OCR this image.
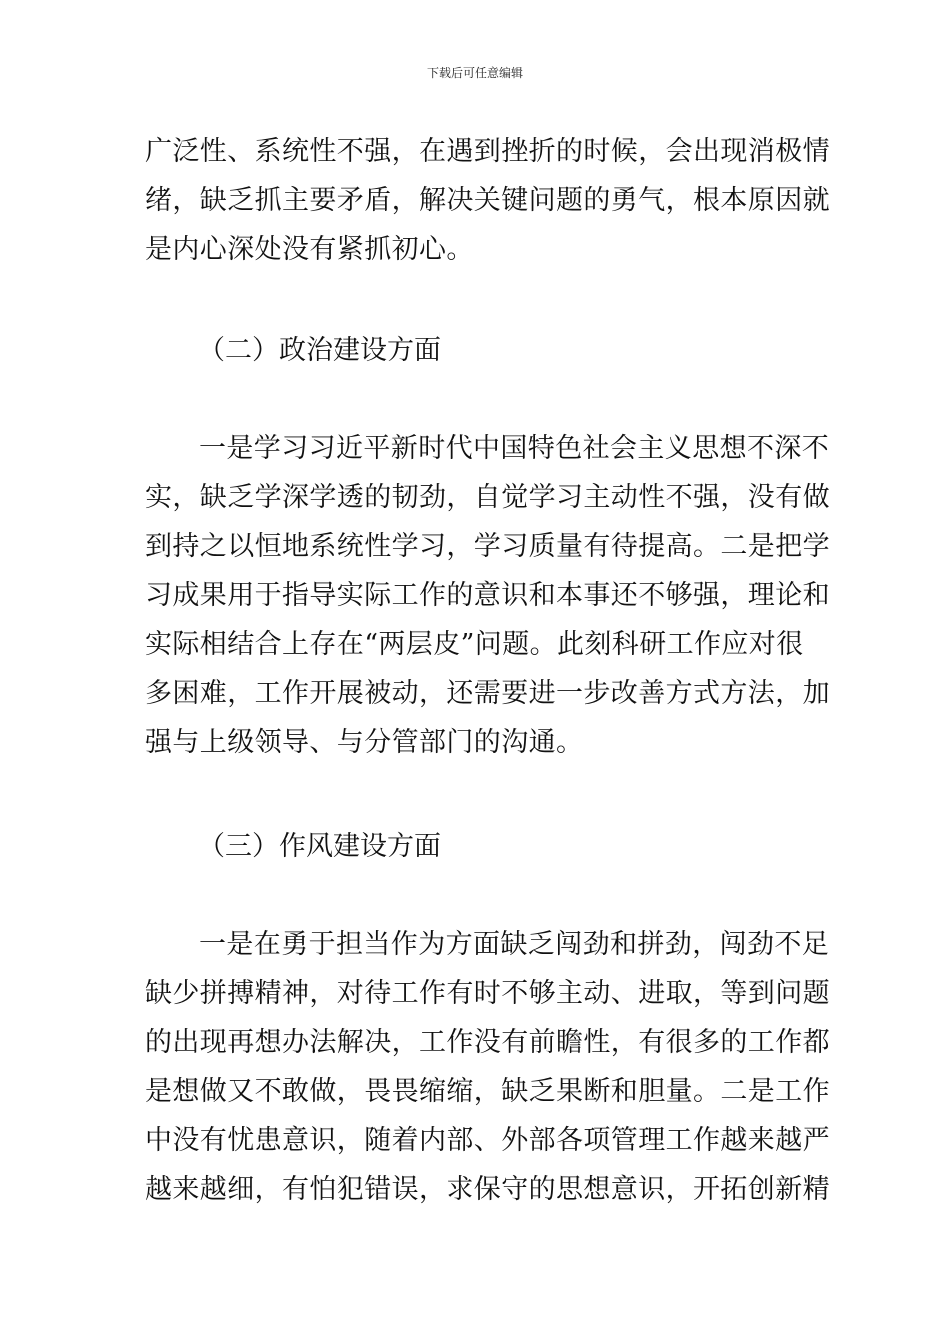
下载后可任意编辑
广泛性、系统性不强，在遇到挫折的时候，会出现消极情
绪，缺乏抓主要矛盾，解决关键问题的勇气，根本原因就
是内心深处没有紧抓初心。
（二）政治建设方面
一是学习习近平新时代中国特色社会主义思想不深不
实，缺乏学深学透的韧劲，自觉学习主动性不强，没有做
到持之以恒地系统性学习，学习质量有待提高。二是把学
习成果用于指导实际工作的意识和本事还不够强，理论和
实际相结合上存在“两层皮”问题。此刻科研工作应对很
多困难，工作开展被动，还需要进一步改善方式方法，加
强与上级领导、与分管部门的沟通。
（三）作风建设方面
一是在勇于担当作为方面缺乏闯劲和拼劲，闯劲不足
缺少拼搏精神，对待工作有时不够主动、进取，等到问题
的出现再想办法解决，工作没有前瞻性，有很多的工作都
是想做又不敢做，畏畏缩缩，缺乏果断和胆量。二是工作
中没有忧患意识，随着内部、外部各项管理工作越来越严
越来越细，有怕犯错误，求保守的思想意识，开拓创新精
